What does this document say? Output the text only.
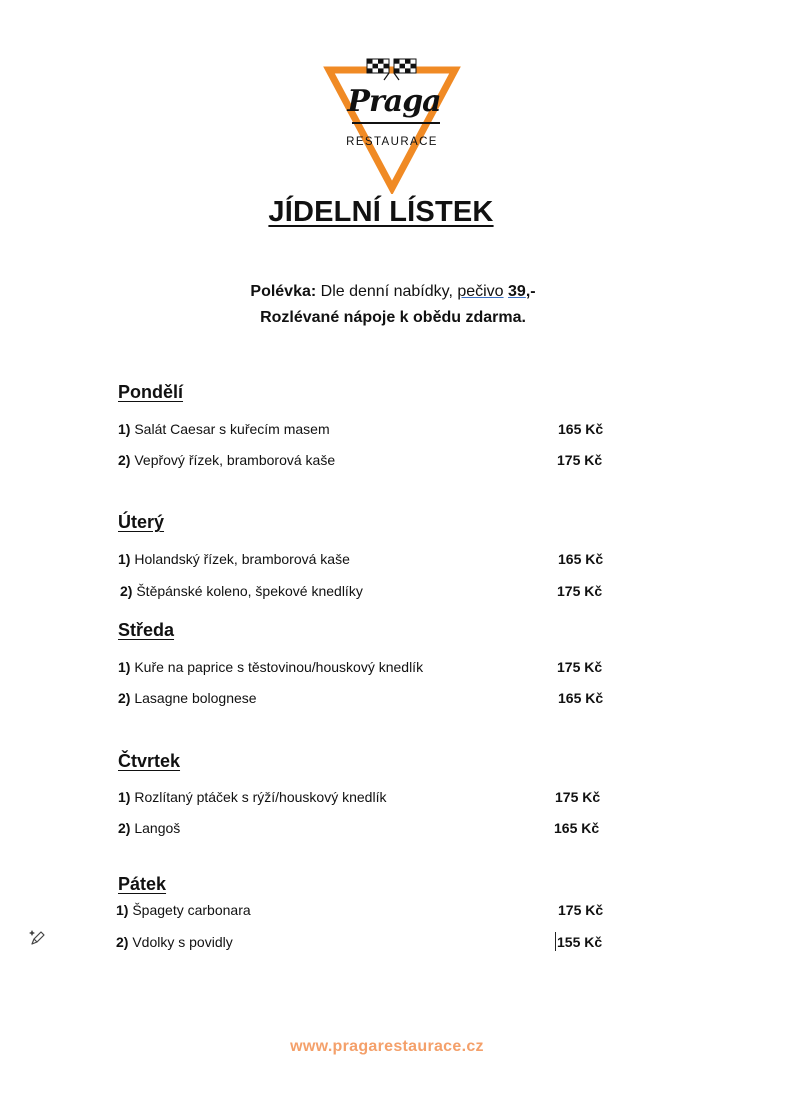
Praga
RESTAURACE
JÍDELNÍ LÍSTEK
Polévka: Dle denní nabídky, pečivo 39,-
Rozlévané nápoje k obědu zdarma.
Pondělí
1) Salát Caesar s kuřecím masem	165 Kč
2) Vepřový řízek, bramborová kaše	175 Kč
Úterý
1) Holandský řízek, bramborová kaše	165 Kč
2) Štěpánské koleno, špekové knedlíky	175 Kč
Středa
1) Kuře na paprice s těstovinou/houskový knedlík	175 Kč
2) Lasagne bolognese	165 Kč
Čtvrtek
1) Rozlítaný ptáček s rýží/houskový knedlík	175 Kč
2) Langoš	165 Kč
Pátek
1) Špagety carbonara	175 Kč
2) Vdolky s povidly	155 Kč
www.pragarestaurace.cz
